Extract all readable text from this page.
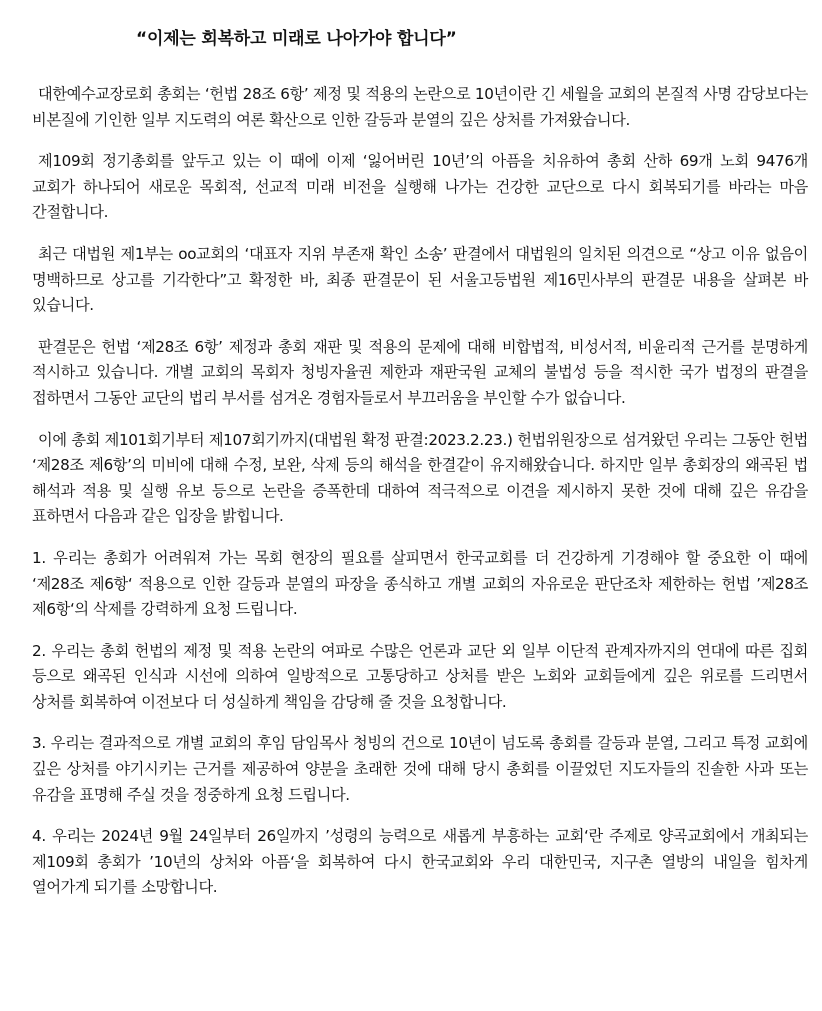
“이제는 회복하고 미래로 나아가야 합니다”

대한예수교장로회 총회는 ‘헌법 28조 6항’ 제정 및 적용의 논란으로 10년이란 긴 세월을 교회의 본질적 사명 감당보다는 비본질에 기인한 일부 지도력의 여론 확산으로 인한 갈등과 분열의 깊은 상처를 가져왔습니다.

제109회 정기총회를 앞두고 있는 이 때에 이제 ‘잃어버린 10년’의 아픔을 치유하여 총회 산하 69개 노회 9476개 교회가 하나되어 새로운 목회적, 선교적 미래 비전을 실행해 나가는 건강한 교단으로 다시 회복되기를 바라는 마음 간절합니다.

최근 대법원 제1부는 oo교회의 ‘대표자 지위 부존재 확인 소송’ 판결에서 대법원의 일치된 의견으로 “상고 이유 없음이 명백하므로 상고를 기각한다”고 확정한 바, 최종 판결문이 된 서울고등법원 제16민사부의 판결문 내용을 살펴본 바 있습니다.

판결문은 헌법 ‘제28조 6항’ 제정과 총회 재판 및 적용의 문제에 대해 비합법적, 비성서적, 비윤리적 근거를 분명하게 적시하고 있습니다. 개별 교회의 목회자 청빙자율권 제한과 재판국원 교체의 불법성 등을 적시한 국가 법정의 판결을 접하면서 그동안 교단의 법리 부서를 섬겨온 경험자들로서 부끄러움을 부인할 수가 없습니다.

이에 총회 제101회기부터 제107회기까지(대법원 확정 판결:2023.2.23.) 헌법위원장으로 섬겨왔던 우리는 그동안 헌법 ‘제28조 제6항’의 미비에 대해 수정, 보완, 삭제 등의 해석을 한결같이 유지해왔습니다. 하지만 일부 총회장의 왜곡된 법 해석과 적용 및 실행 유보 등으로 논란을 증폭한데 대하여 적극적으로 이견을 제시하지 못한 것에 대해 깊은 유감을 표하면서 다음과 같은 입장을 밝힙니다.

1. 우리는 총회가 어려워져 가는 목회 현장의 필요를 살피면서 한국교회를 더 건강하게 기경해야 할 중요한 이 때에 ‘제28조 제6항‘ 적용으로 인한 갈등과 분열의 파장을 종식하고 개별 교회의 자유로운 판단조차 제한하는 헌법 ’제28조 제6항‘의 삭제를 강력하게 요청 드립니다.

2. 우리는 총회 헌법의 제정 및 적용 논란의 여파로 수많은 언론과 교단 외 일부 이단적 관계자까지의 연대에 따른 집회 등으로 왜곡된 인식과 시선에 의하여 일방적으로 고통당하고 상처를 받은 노회와 교회들에게 깊은 위로를 드리면서 상처를 회복하여 이전보다 더 성실하게 책임을 감당해 줄 것을 요청합니다.

3. 우리는 결과적으로 개별 교회의 후임 담임목사 청빙의 건으로 10년이 넘도록 총회를 갈등과 분열, 그리고 특정 교회에 깊은 상처를 야기시키는 근거를 제공하여 양분을 초래한 것에 대해 당시 총회를 이끌었던 지도자들의 진솔한 사과 또는 유감을 표명해 주실 것을 정중하게 요청 드립니다.

4. 우리는 2024년 9월 24일부터 26일까지 ’성령의 능력으로 새롭게 부흥하는 교회‘란 주제로 양곡교회에서 개최되는 제109회 총회가 ’10년의 상처와 아픔‘을 회복하여 다시 한국교회와 우리 대한민국, 지구촌 열방의 내일을 힘차게 열어가게 되기를 소망합니다.
